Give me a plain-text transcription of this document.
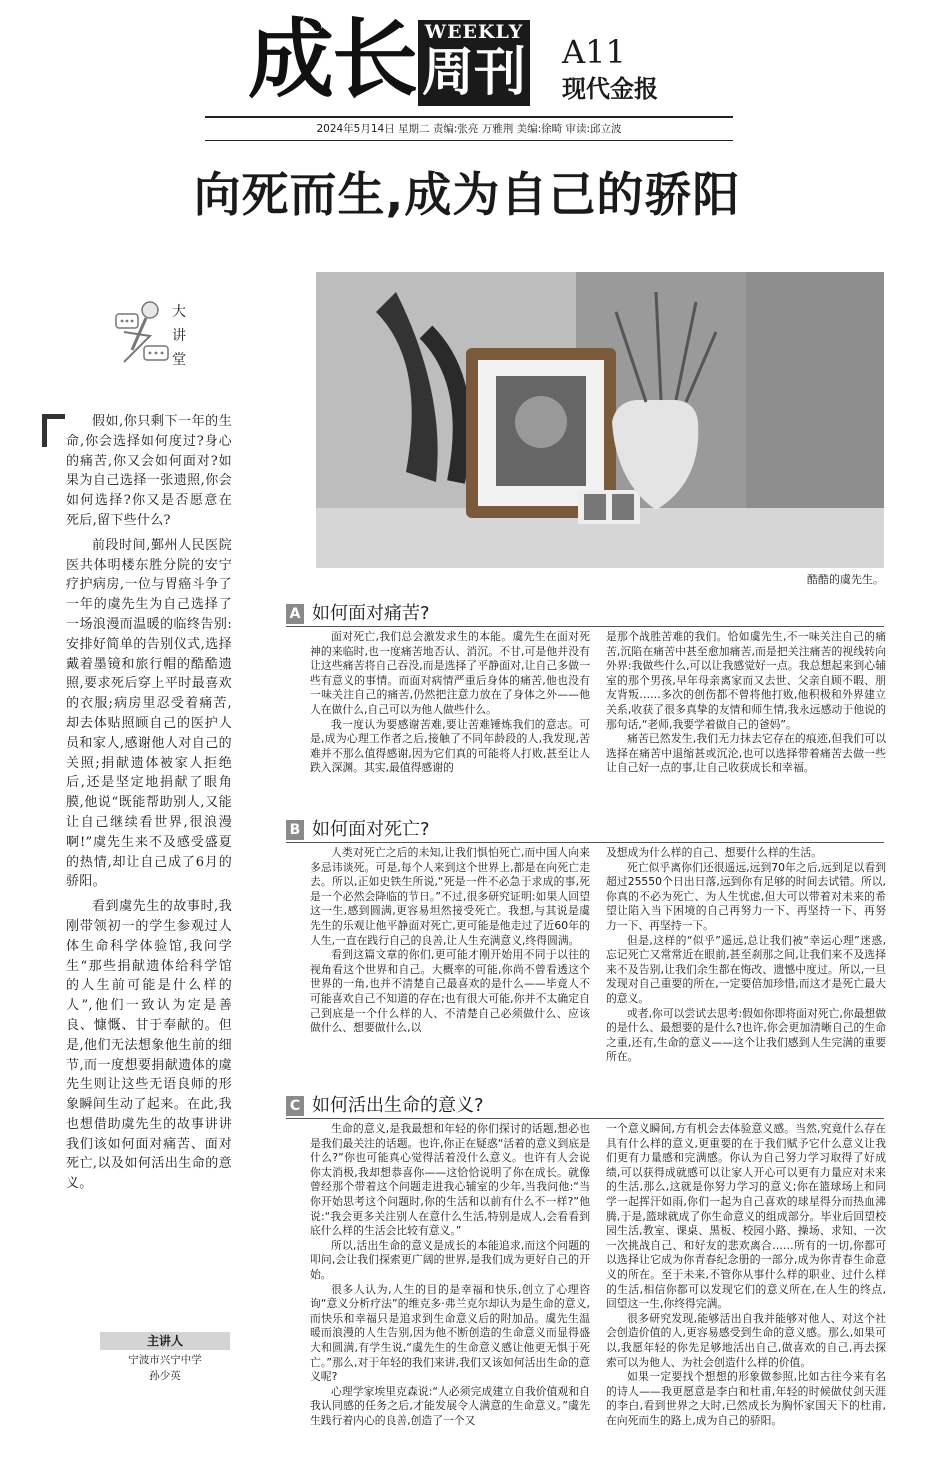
成长 WEEKLY
周刊 A11
现代金报
2024年5月14日 星期二 责编:张亮 万雅荆 美编:徐畸 审读:邱立波
向死而生,成为自己的骄阳
大
讲
堂
酷酷的虞先生。

假如,你只剩下一年的生命,你会选择如何度过?身心的痛苦,你又会如何面对?如果为自己选择一张遗照,你会如何选择?你又是否愿意在死后,留下些什么?

前段时间,鄞州人民医院医共体明楼东胜分院的安宁疗护病房,一位与胃癌斗争了一年的虞先生为自己选择了一场浪漫而温暖的临终告别:安排好简单的告别仪式,选择戴着墨镜和旅行帽的酷酷遗照,要求死后穿上平时最喜欢的衣服;病房里忍受着痛苦,却去体贴照顾自己的医护人员和家人,感谢他人对自己的关照;捐献遗体被家人拒绝后,还是坚定地捐献了眼角膜,他说“既能帮助别人,又能让自己继续看世界,很浪漫啊!”虞先生来不及感受盛夏的热情,却让自己成了6月的骄阳。

看到虞先生的故事时,我刚带领初一的学生参观过人体生命科学体验馆,我问学生“那些捐献遗体给科学馆的人生前可能是什么样的人”,他们一致认为定是善良、慷慨、甘于奉献的。但是,他们无法想象他生前的细节,而一度想要捐献遗体的虞先生则让这些无语良师的形象瞬间生动了起来。在此,我也想借助虞先生的故事讲讲我们该如何面对痛苦、面对死亡,以及如何活出生命的意义。

主讲人
宁波市兴宁中学
孙少英
A 如何面对痛苦?

面对死亡,我们总会激发求生的本能。虞先生在面对死神的来临时,也一度痛苦地否认、消沉。不甘,可是他并没有让这些痛苦将自己吞没,而是选择了平静面对,让自己多做一些有意义的事情。而面对病情严重后身体的痛苦,他也没有一味关注自己的痛苦,仍然把注意力放在了身体之外——他人在做什么,自己可以为他人做些什么。

我一度认为要感谢苦难,要让苦难锤炼我们的意志。可是,成为心理工作者之后,接触了不同年龄段的人,我发现,苦难并不那么值得感谢,因为它们真的可能将人打败,甚至让人跌入深渊。其实,最值得感谢的

是那个战胜苦难的我们。恰如虞先生,不一味关注自己的痛苦,沉陷在痛苦中甚至愈加痛苦,而是把关注痛苦的视线转向外界:我做些什么,可以让我感觉好一点。我总想起来到心辅室的那个男孩,早年母亲离家而又去世、父亲自顾不暇、朋友背叛……多次的创伤都不曾将他打败,他积极和外界建立关系,收获了很多真挚的友情和师生情,我永远感动于他说的那句话,“老师,我要学着做自己的爸妈”。

痛苦已然发生,我们无力抹去它存在的痕迹,但我们可以选择在痛苦中退缩甚或沉沦,也可以选择带着痛苦去做一些让自己好一点的事,让自己收获成长和幸福。

B 如何面对死亡?

人类对死亡之后的未知,让我们惧怕死亡,而中国人向来多忌讳谈死。可是,每个人来到这个世界上,都是在向死亡走去。所以,正如史铁生所说,“死是一件不必急于求成的事,死是一个必然会降临的节日。”不过,很多研究证明:如果人回望这一生,感到圆满,更容易坦然接受死亡。我想,与其说是虞先生的乐观让他平静面对死亡,更可能是他走过了近60年的人生,一直在践行自己的良善,让人生充满意义,终得圆满。

看到这篇文章的你们,更可能才刚开始用不同于以往的视角看这个世界和自己。大概率的可能,你尚不曾看透这个世界的一角,也并不清楚自己最喜欢的是什么——毕竟人不可能喜欢自己不知道的存在;也有很大可能,你并不太确定自己到底是一个什么样的人、不清楚自己必须做什么、应该做什么、想要做什么,以

及想成为什么样的自己、想要什么样的生活。

死亡似乎离你们还很遥远,远到70年之后,远到足以看到超过25550个日出日落,远到你有足够的时间去试错。所以,你真的不必为死亡、为人生忧虑,但大可以带着对未来的希望让陷入当下困境的自己再努力一下、再坚持一下、再努力一下、再坚持一下。

但是,这样的“似乎”遥远,总让我们被“幸运心理”迷惑,忘记死亡又常常近在眼前,甚至刹那之间,让我们来不及选择来不及告别,让我们余生都在悔改、遗憾中度过。所以,一旦发现对自己重要的所在,一定要倍加珍惜,而这才是死亡最大的意义。

或者,你可以尝试去思考:假如你即将面对死亡,你最想做的是什么、最想要的是什么?也许,你会更加清晰自己的生命之重,还有,生命的意义——这个让我们感到人生完满的重要所在。

C 如何活出生命的意义?

生命的意义,是我最想和年轻的你们探讨的话题,想必也是我们最关注的话题。也许,你正在疑惑“活着的意义到底是什么?”你也可能真心觉得活着没什么意义。也许有人会说你太消极,我却想恭喜你——这恰恰说明了你在成长。就像曾经那个带着这个问题走进我心辅室的少年,当我问他:“当你开始思考这个问题时,你的生活和以前有什么不一样?”他说:“我会更多关注别人在意什么生活,特别是成人,会看看到底什么样的生活会比较有意义。”

所以,活出生命的意义是成长的本能追求,而这个问题的叩问,会让我们探索更广阔的世界,是我们成为更好自己的开始。

很多人认为,人生的目的是幸福和快乐,创立了心理咨询“意义分析疗法”的维克多·弗兰克尔却认为是生命的意义,而快乐和幸福只是追求到生命意义后的附加品。虞先生温暖而浪漫的人生告别,因为他不断创造的生命意义而显得盛大和圆满,有学生说,“虞先生的生命意义感让他更无惧于死亡。”那么,对于年轻的我们来讲,我们又该如何活出生命的意义呢?

心理学家埃里克森说:“人必须完成建立自我价值观和自我认同感的任务之后,才能发展令人满意的生命意义。”虞先生践行着内心的良善,创造了一个又

一个意义瞬间,方有机会去体验意义感。当然,究竟什么存在具有什么样的意义,更重要的在于我们赋予它什么意义让我们更有力量感和完满感。你认为自己努力学习取得了好成绩,可以获得成就感可以让家人开心可以更有力量应对未来的生活,那么,这就是你努力学习的意义;你在篮球场上和同学一起挥汗如雨,你们一起为自己喜欢的球星得分而热血沸腾,于是,篮球就成了你生命意义的组成部分。毕业后回望校园生活,教室、课桌、黑板、校园小路、操场、求知、一次一次挑战自己、和好友的悲欢离合……所有的一切,你都可以选择让它成为你青春纪念册的一部分,成为你青春生命意义的所在。至于未来,不管你从事什么样的职业、过什么样的生活,相信你都可以发现它们的意义所在,在人生的终点,回望这一生,你终得完满。

很多研究发现,能够活出自我并能够对他人、对这个社会创造价值的人,更容易感受到生命的意义感。那么,如果可以,我愿年轻的你先足够地活出自己,做喜欢的自己,再去探索可以为他人、为社会创造什么样的价值。

如果一定要找个想想的形象做参照,比如古往今来有名的诗人——我更愿意是李白和杜甫,年轻的时候做仗剑天涯的李白,看到世界之大时,已然成长为胸怀家国天下的杜甫,在向死而生的路上,成为自己的骄阳。
